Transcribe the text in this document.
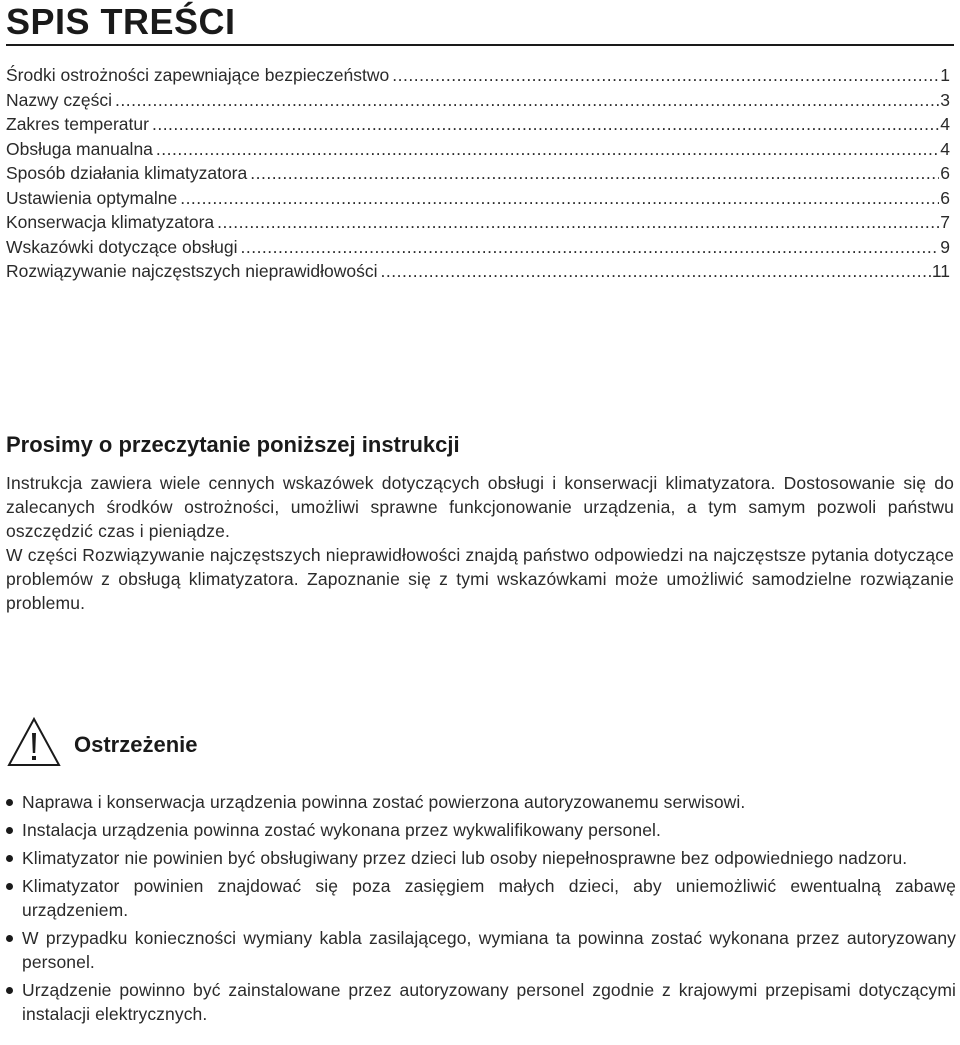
SPIS TREŚCI
Środki ostrożności zapewniające bezpieczeństwo .....	1
Nazwy części .....	3
Zakres temperatur .....	4
Obsługa manualna .....	4
Sposób działania klimatyzatora .....	6
Ustawienia optymalne .....	6
Konserwacja klimatyzatora .....	7
Wskazówki dotyczące obsługi .....	9
Rozwiązywanie najczęstszych nieprawidłowości .....	11
Prosimy o przeczytanie poniższej instrukcji

Instrukcja zawiera wiele cennych wskazówek dotyczących obsługi i konserwacji klimatyzatora. Dostosowanie się do zalecanych środków ostrożności, umożliwi sprawne funkcjonowanie urządzenia, a tym samym pozwoli państwu oszczędzić czas i pieniądze.

W części Rozwiązywanie najczęstszych nieprawidłowości znajdą państwo odpowiedzi na najczęstsze pytania dotyczące problemów z obsługą klimatyzatora. Zapoznanie się z tymi wskazówkami może umożliwić samodzielne rozwiązanie problemu.

Ostrzeżenie
Naprawa i konserwacja urządzenia powinna zostać powierzona autoryzowanemu serwisowi.
Instalacja urządzenia powinna zostać wykonana przez wykwalifikowany personel.
Klimatyzator nie powinien być obsługiwany przez dzieci lub osoby niepełnosprawne bez odpowiedniego nadzoru.
Klimatyzator powinien znajdować się poza zasięgiem małych dzieci, aby uniemożliwić ewentualną zabawę urządzeniem.
W przypadku konieczności wymiany kabla zasilającego, wymiana ta powinna zostać wykonana przez autoryzowany personel.
Urządzenie powinno być zainstalowane przez autoryzowany personel zgodnie z krajowymi przepisami dotyczącymi instalacji elektrycznych.
